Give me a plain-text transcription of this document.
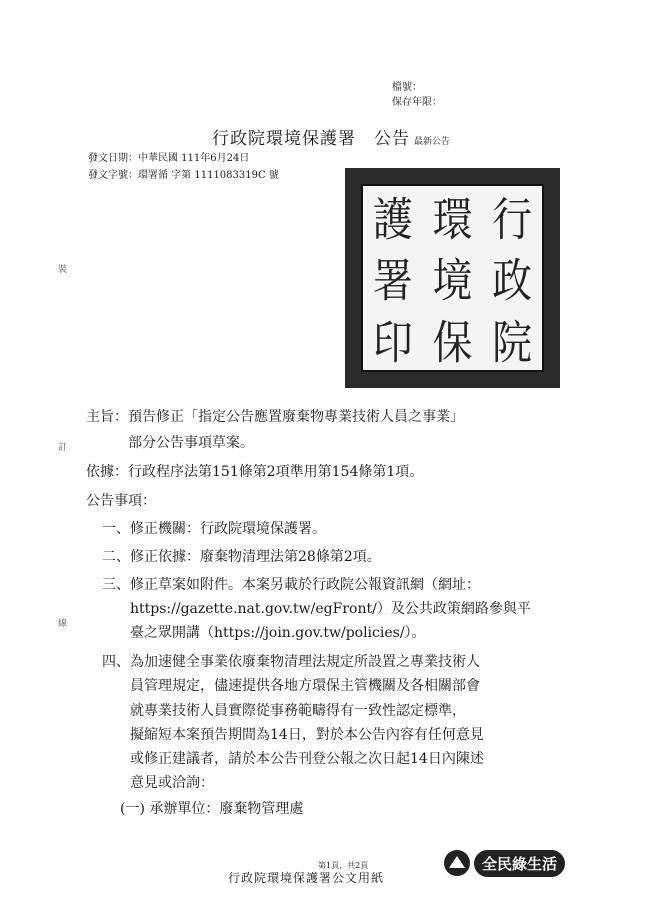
檔號：
保存年限：
行政院環境保護署　公告 最新公告
發文日期：中華民國 111年6月24日
發文字號：環署循 字第 1111083319C 號
行
環
護
政
境
署
院
保
印
裝
訂
線
主旨：預告修正「指定公告應置廢棄物專業技術人員之事業」
部分公告事項草案。
依據：行政程序法第151條第2項準用第154條第1項。
公告事項：
一、修正機關：行政院環境保護署。
二、修正依據：廢棄物清理法第28條第2項。
三、修正草案如附件。本案另載於行政院公報資訊網（網址：
https://gazette.nat.gov.tw/egFront/）及公共政策網路參與平
臺之眾開講（https://join.gov.tw/policies/）。
四、為加速健全事業依廢棄物清理法規定所設置之專業技術人
員管理規定，儘速提供各地方環保主管機關及各相關部會
就專業技術人員實際從事務範疇得有一致性認定標準，
擬縮短本案預告期間為14日，對於本公告內容有任何意見
或修正建議者，請於本公告刊登公報之次日起14日內陳述
意見或洽詢：
(一) 承辦單位：廢棄物管理處
第1頁，共2頁
行政院環境保護署公文用紙
全民綠生活
